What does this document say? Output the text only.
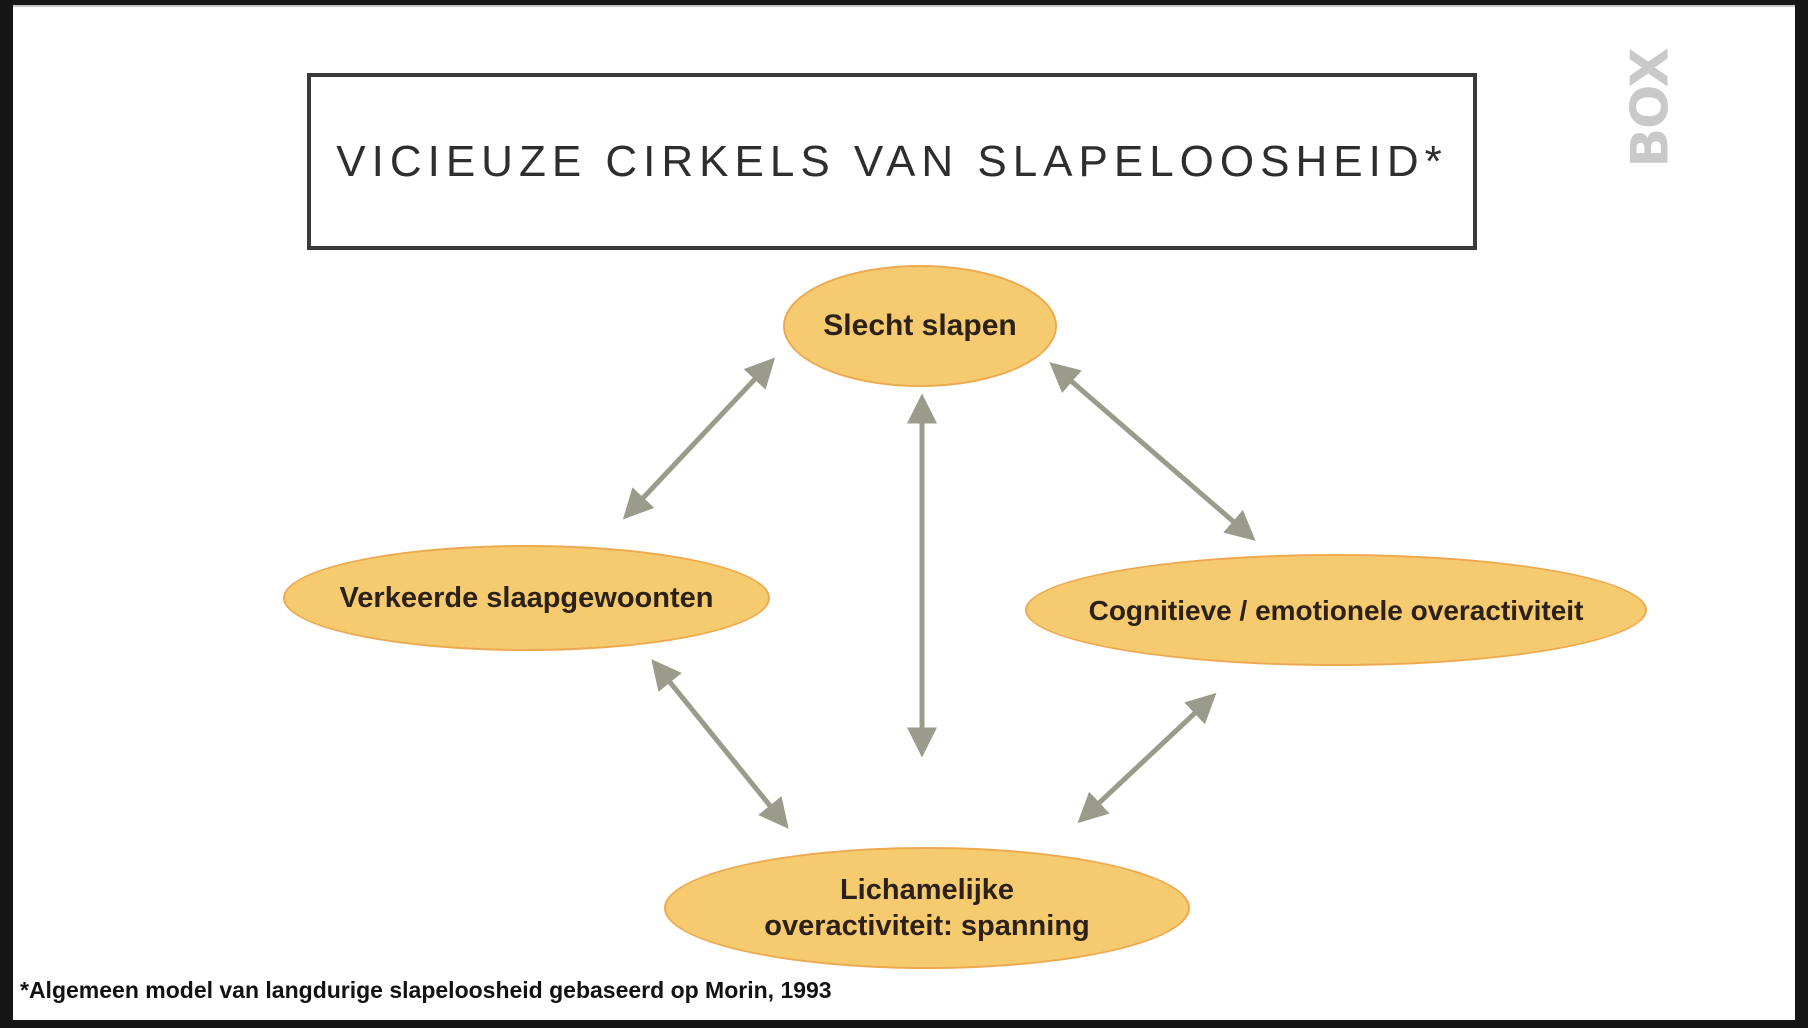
VICIEUZE CIRKELS VAN SLAPELOOSHEID*	BOX
Slecht slapen
Verkeerde slaapgewoonten	Cognitieve / emotionele overactiviteit
Lichamelijke
overactiviteit: spanning
*Algemeen model van langdurige slapeloosheid gebaseerd op Morin, 1993
